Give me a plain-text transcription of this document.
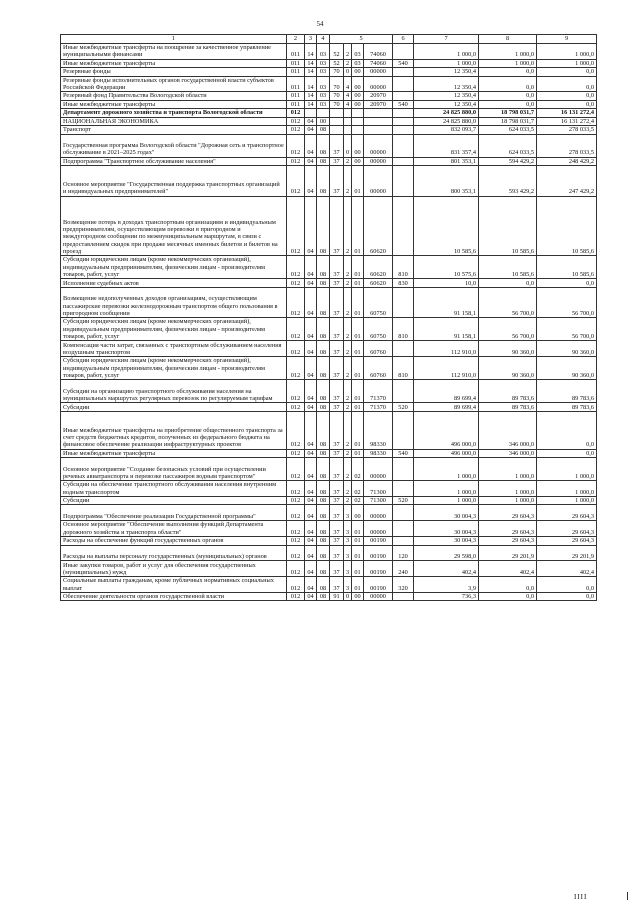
54
1	2	3	4	5				6	7	8	9
Иные межбюджетные трансферты на поощрение за качественное управление муниципальными финансами	011	14	03	52	2	03	74060		1 000,0	1 000,0	1 000,0
Иные межбюджетные трансферты	011	14	03	52	2	03	74060	540	1 000,0	1 000,0	1 000,0
Резервные фонды	011	14	03	70	0	00	00000		12 350,4	0,0	0,0
Резервные фонды исполнительных органов государственной власти субъектов Российской Федерации	011	14	03	70	4	00	00000		12 350,4	0,0	0,0
Резервный фонд Правительства Вологодской области	011	14	03	70	4	00	20970		12 350,4	0,0	0,0
Иные межбюджетные трансферты	011	14	03	70	4	00	20970	540	12 350,4	0,0	0,0
Департамент дорожного хозяйства и транспорта Вологодской области	012								24 825 880,0	18 798 031,7	16 131 272,4
НАЦИОНАЛЬНАЯ ЭКОНОМИКА	012	04	00						24 825 880,0	18 798 031,7	16 131 272,4
Транспорт	012	04	08						832 093,7	624 033,5	278 033,5
Государственная программа Вологодской области "Дорожная сеть и транспортное обслуживание в 2021–2025 годах"	012	04	08	37	0	00	00000		831 357,4	624 033,5	278 033,5
Подпрограмма "Транспортное обслуживание населения"	012	04	08	37	2	00	00000		801 353,1	594 429,2	248 429,2
Основное мероприятие "Государственная поддержка транспортных организаций и индивидуальных предпринимателей"	012	04	08	37	2	01	00000		800 353,1	593 429,2	247 429,2
Возмещение потерь в доходах транспортным организациям и индивидуальным предпринимателям, осуществляющим перевозки в пригородном и междугородном сообщении по межмуниципальным маршрутам, в связи с предоставлением скидок при продаже месячных именных билетов и билетов на проезд	012	04	08	37	2	01	60620		10 585,6	10 585,6	10 585,6
Субсидии юридическим лицам (кроме некоммерческих организаций), индивидуальным предпринимателям, физическим лицам - производителям товаров, работ, услуг	012	04	08	37	2	01	60620	810	10 575,6	10 585,6	10 585,6
Исполнение судебных актов	012	04	08	37	2	01	60620	830	10,0	0,0	0,0
Возмещение недополученных доходов организациям, осуществляющим пассажирские перевозки железнодорожным транспортом общего пользования в пригородном сообщении	012	04	08	37	2	01	60750		91 158,1	56 700,0	56 700,0
Субсидии юридическим лицам (кроме некоммерческих организаций), индивидуальным предпринимателям, физическим лицам - производителям товаров, работ, услуг	012	04	08	37	2	01	60750	810	91 158,1	56 700,0	56 700,0
Компенсация части затрат, связанных с транспортным обслуживанием населения воздушным транспортом	012	04	08	37	2	01	60760		112 910,0	90 360,0	90 360,0
Субсидии юридическим лицам (кроме некоммерческих организаций), индивидуальным предпринимателям, физическим лицам - производителям товаров, работ, услуг	012	04	08	37	2	01	60760	810	112 910,0	90 360,0	90 360,0
Субсидии на организацию транспортного обслуживания населения на муниципальных маршрутах регулярных перевозок по регулируемым тарифам	012	04	08	37	2	01	71370		89 699,4	89 783,6	89 783,6
Субсидии	012	04	08	37	2	01	71370	520	89 699,4	89 783,6	89 783,6
Иные межбюджетные трансферты на приобретение общественного транспорта за счет средств бюджетных кредитов, полученных из федерального бюджета на финансовое обеспечение реализации инфраструктурных проектов	012	04	08	37	2	01	98330		496 000,0	346 000,0	0,0
Иные межбюджетные трансферты	012	04	08	37	2	01	98330	540	496 000,0	346 000,0	0,0
Основное мероприятие "Создание безопасных условий при осуществлении речевых авиатранспорта и перевозке пассажиров водным транспортом"	012	04	08	37	2	02	00000		1 000,0	1 000,0	1 000,0
Субсидии на обеспечение транспортного обслуживания населения внутренним водным транспортом	012	04	08	37	2	02	71300		1 000,0	1 000,0	1 000,0
Субсидии	012	04	08	37	2	02	71300	520	1 000,0	1 000,0	1 000,0
Подпрограмма "Обеспечение реализации Государственной программы"	012	04	08	37	3	00	00000		30 004,3	29 604,3	29 604,3
Основное мероприятие "Обеспечение выполнения функций Департамента дорожного хозяйства и транспорта области"	012	04	08	37	3	01	00000		30 004,3	29 604,3	29 604,3
Расходы на обеспечение функций государственных органов	012	04	08	37	3	01	00190		30 004,3	29 604,3	29 604,3
Расходы на выплаты персоналу государственных (муниципальных) органов	012	04	08	37	3	01	00190	120	29 598,0	29 201,9	29 201,9
Иные закупки товаров, работ и услуг для обеспечения государственных (муниципальных) нужд	012	04	08	37	3	01	00190	240	402,4	402,4	402,4
Социальные выплаты гражданам, кроме публичных нормативных социальных выплат	012	04	08	37	3	01	00190	320	3,9	0,0	0,0
Обеспечение деятельности органов государственной власти	012	04	08	91	0	00	00000		736,3	0,0	0,0
IIII
